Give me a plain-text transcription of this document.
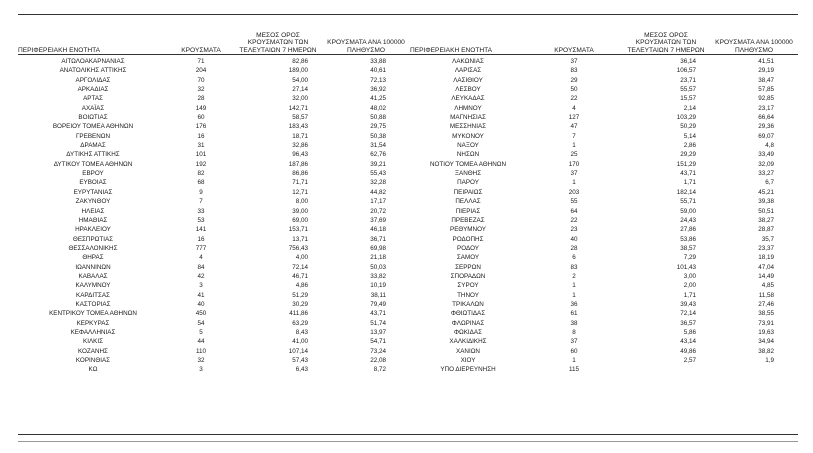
ΠΕΡΙΦΕΡΕΙΑΚΗ ΕΝΟΤΗΤΑ	ΚΡΟΥΣΜΑΤΑ	ΜΕΣΟΣ ΟΡΟΣ
ΚΡΟΥΣΜΑΤΩΝ ΤΩΝ
ΤΕΛΕΥΤΑΙΩΝ 7 ΗΜΕΡΩΝ	ΚΡΟΥΣΜΑΤΑ ΑΝΑ 100000
ΠΛΗΘΥΣΜΟ

ΑΙΤΩΛΟΑΚΑΡΝΑΝΙΑΣ	71	82,86	33,88
ΑΝΑΤΟΛΙΚΗΣ ΑΤΤΙΚΗΣ	204	189,00	40,61
ΑΡΓΟΛΙΔΑΣ	70	54,00	72,13
ΑΡΚΑΔΙΑΣ	32	27,14	36,92
ΑΡΤΑΣ	28	32,00	41,25
ΑΧΑΪΑΣ	149	142,71	48,02
ΒΟΙΩΤΙΑΣ	60	58,57	50,88
ΒΟΡΕΙΟΥ ΤΟΜΕΑ ΑΘΗΝΩΝ	176	183,43	29,75
ΓΡΕΒΕΝΩΝ	16	18,71	50,38
ΔΡΑΜΑΣ	31	32,86	31,54
ΔΥΤΙΚΗΣ ΑΤΤΙΚΗΣ	101	96,43	62,76
ΔΥΤΙΚΟΥ ΤΟΜΕΑ ΑΘΗΝΩΝ	192	187,86	39,21
ΕΒΡΟΥ	82	86,86	55,43
ΕΥΒΟΙΑΣ	68	71,71	32,28
ΕΥΡΥΤΑΝΙΑΣ	9	12,71	44,82
ΖΑΚΥΝΘΟΥ	7	8,00	17,17
ΗΛΕΙΑΣ	33	39,00	20,72
ΗΜΑΘΙΑΣ	53	69,00	37,69
ΗΡΑΚΛΕΙΟΥ	141	153,71	46,18
ΘΕΣΠΡΩΤΙΑΣ	16	13,71	36,71
ΘΕΣΣΑΛΟΝΙΚΗΣ	777	756,43	69,98
ΘΗΡΑΣ	4	4,00	21,18
ΙΩΑΝΝΙΝΩΝ	84	72,14	50,03
ΚΑΒΑΛΑΣ	42	46,71	33,82
ΚΑΛΥΜΝΟΥ	3	4,86	10,19
ΚΑΡΔΙΤΣΑΣ	41	51,29	38,11
ΚΑΣΤΟΡΙΑΣ	40	30,29	79,49
ΚΕΝΤΡΙΚΟΥ ΤΟΜΕΑ ΑΘΗΝΩΝ	450	411,86	43,71
ΚΕΡΚΥΡΑΣ	54	63,29	51,74
ΚΕΦΑΛΛΗΝΙΑΣ	5	8,43	13,97
ΚΙΛΚΙΣ	44	41,00	54,71
ΚΟΖΑΝΗΣ	110	107,14	73,24
ΚΟΡΙΝΘΙΑΣ	32	57,43	22,08
ΚΩ	3	6,43	8,72
ΠΕΡΙΦΕΡΕΙΑΚΗ ΕΝΟΤΗΤΑ	ΚΡΟΥΣΜΑΤΑ	ΜΕΣΟΣ ΟΡΟΣ
ΚΡΟΥΣΜΑΤΩΝ ΤΩΝ
ΤΕΛΕΥΤΑΙΩΝ 7 ΗΜΕΡΩΝ	ΚΡΟΥΣΜΑΤΑ ΑΝΑ 100000
ΠΛΗΘΥΣΜΟ

ΛΑΚΩΝΙΑΣ	37	36,14	41,51
ΛΑΡΙΣΑΣ	83	106,57	29,19
ΛΑΣΙΘΙΟΥ	29	23,71	38,47
ΛΕΣΒΟΥ	50	55,57	57,85
ΛΕΥΚΑΔΑΣ	22	15,57	92,85
ΛΗΜΝΟΥ	4	2,14	23,17
ΜΑΓΝΗΣΙΑΣ	127	103,29	66,64
ΜΕΣΣΗΝΙΑΣ	47	50,29	29,36
ΜΥΚΟΝΟΥ	7	5,14	69,07
ΝΑΞΟΥ	1	2,86	4,8
ΝΗΣΩΝ	25	29,29	33,49
ΝΟΤΙΟΥ ΤΟΜΕΑ ΑΘΗΝΩΝ	170	151,29	32,09
ΞΑΝΘΗΣ	37	43,71	33,27
ΠΑΡΟΥ	1	1,71	6,7
ΠΕΙΡΑΙΩΣ	203	182,14	45,21
ΠΕΛΛΑΣ	55	55,71	39,38
ΠΙΕΡΙΑΣ	64	59,00	50,51
ΠΡΕΒΕΖΑΣ	22	24,43	38,27
ΡΕΘΥΜΝΟΥ	23	27,86	28,87
ΡΟΔΟΠΗΣ	40	53,86	35,7
ΡΟΔΟΥ	28	38,57	23,37
ΣΑΜΟΥ	6	7,29	18,19
ΣΕΡΡΩΝ	83	101,43	47,04
ΣΠΟΡΑΔΩΝ	2	3,00	14,49
ΣΥΡΟΥ	1	2,00	4,85
ΤΗΝΟΥ	1	1,71	11,58
ΤΡΙΚΑΛΩΝ	36	39,43	27,46
ΦΘΙΩΤΙΔΑΣ	61	72,14	38,55
ΦΛΩΡΙΝΑΣ	38	36,57	73,91
ΦΩΚΙΔΑΣ	8	5,86	19,63
ΧΑΛΚΙΔΙΚΗΣ	37	43,14	34,94
ΧΑΝΙΩΝ	60	49,86	38,82
ΧΙΟΥ	1	2,57	1,9
ΥΠΟ ΔΙΕΡΕΥΝΗΣΗ	115		
